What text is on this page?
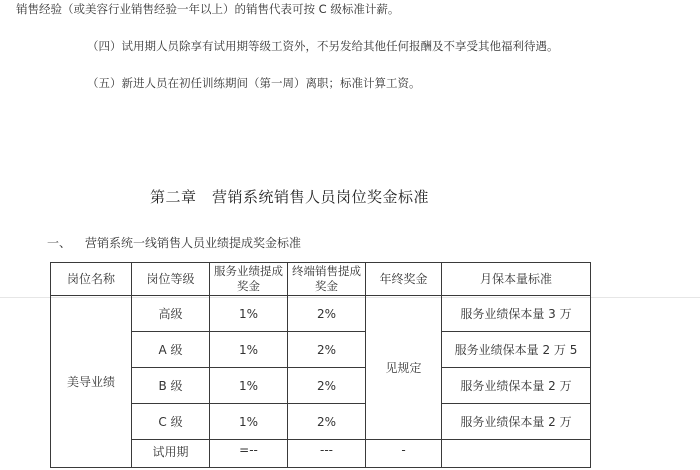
销售经验（或美容行业销售经验一年以上）的销售代表可按 C 级标准计薪。
（四）试用期人员除享有试用期等级工资外，不另发给其他任何报酬及不享受其他福利待遇。
（五）新进人员在初任训练期间（第一周）离职；标准计算工资。
第二章　营销系统销售人员岗位奖金标准
一、 营销系统一线销售人员业绩提成奖金标准
岗位名称	岗位等级	服务业绩提成奖金	终端销售提成奖金	年终奖金	月保本量标准
美导业绩	高级	1%	2%	见规定	服务业绩保本量 3 万
	A 级	1%	2%		服务业绩保本量 2 万 5
	B 级	1%	2%		服务业绩保本量 2 万
	C 级	1%	2%		服务业绩保本量 2 万
	试用期	=--	---	-	
